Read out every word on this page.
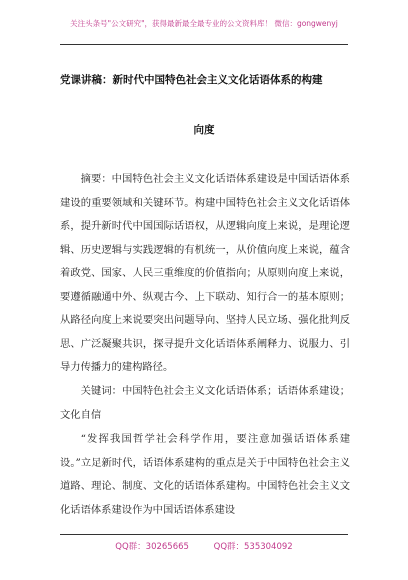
关注头条号"公文研究"，获得最新最全最专业的公文资料库！ 微信：gongwenyj
党课讲稿：新时代中国特色社会主义文化话语体系的构建
向度
摘要：中国特色社会主义文化话语体系建设是中国话语体系建设的重要领域和关键环节。构建中国特色社会主义文化话语体系，提升新时代中国国际话语权，从逻辑向度上来说，是理论逻辑、历史逻辑与实践逻辑的有机统一，从价值向度上来说，蕴含着政党、国家、人民三重维度的价值指向；从原则向度上来说，要遵循融通中外、纵观古今、上下联动、知行合一的基本原则；从路径向度上来说要突出问题导向、坚持人民立场、强化批判反思、广泛凝聚共识，探寻提升文化话语体系阐释力、说服力、引导力传播力的建构路径。
关键词：中国特色社会主义文化话语体系；话语体系建设；文化自信
“发挥我国哲学社会科学作用，要注意加强话语体系建设。”立足新时代，话语体系建构的重点是关于中国特色社会主义道路、理论、制度、文化的话语体系建构。中国特色社会主义文化话语体系建设作为中国话语体系建设
QQ群：30265665	QQ群：535304092
